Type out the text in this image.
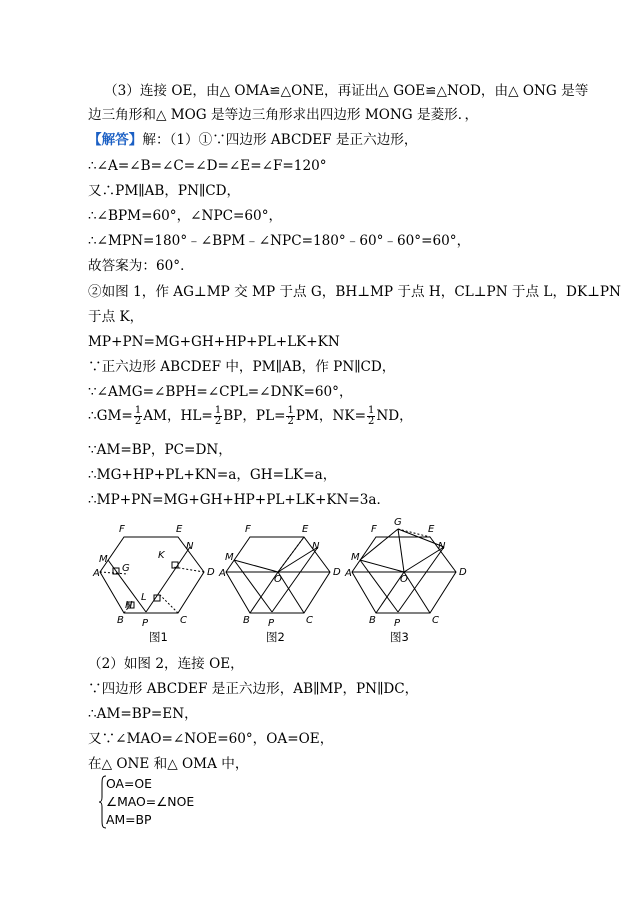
（3）连接 OE，由△ OMA≌△ONE，再证出△ GOE≌△NOD，由△ ONG 是等
边三角形和△ MOG 是等边三角形求出四边形 MONG 是菱形．，
【解答】解：（1）①∵四边形 ABCDEF 是正六边形，
∴∠A=∠B=∠C=∠D=∠E=∠F=120°
又∴PM∥AB，PN∥CD，
∴∠BPM=60°，∠NPC=60°，
∴∠MPN=180°﹣∠BPM﹣∠NPC=180°﹣60°﹣60°=60°，
故答案为：60°．
②如图 1，作 AG⊥MP 交 MP 于点 G，BH⊥MP 于点 H，CL⊥PN 于点 L，DK⊥PN
于点 K，
MP+PN=MG+GH+HP+PL+LK+KN
∵正六边形 ABCDEF 中，PM∥AB，作 PN∥CD，
∵∠AMG=∠BPH=∠CPL=∠DNK=60°，
∴GM= $\frac{1}{2}$ AM，$HL= \frac{1}{2}$ BP，$PL= \frac{1}{2}$ PM，$NK= \frac{1}{2}$ ND，
∵AM=BP，PC=DN，
∴MG+HP+PL+KN=a，GH=LK=a，
∴MP+PN=MG+GH+HP+PL+LK+KN=3a．
F	E
N
M
A	D
B	C
P
G
K
H
L
图1
F	E
N
M
A	D
O
B	C
P
图2
F
G
E
N
M
A	D
O
B	C
P
图3
（2）如图 2，连接 OE，
∵四边形 ABCDEF 是正六边形，AB∥MP，PN∥DC，
∴AM=BP=EN，
又∵∠MAO=∠NOE=60°，OA=OE，
在△ ONE 和△ OMA 中，
OA=OE
∠MAO=∠NOE
AM=BP
